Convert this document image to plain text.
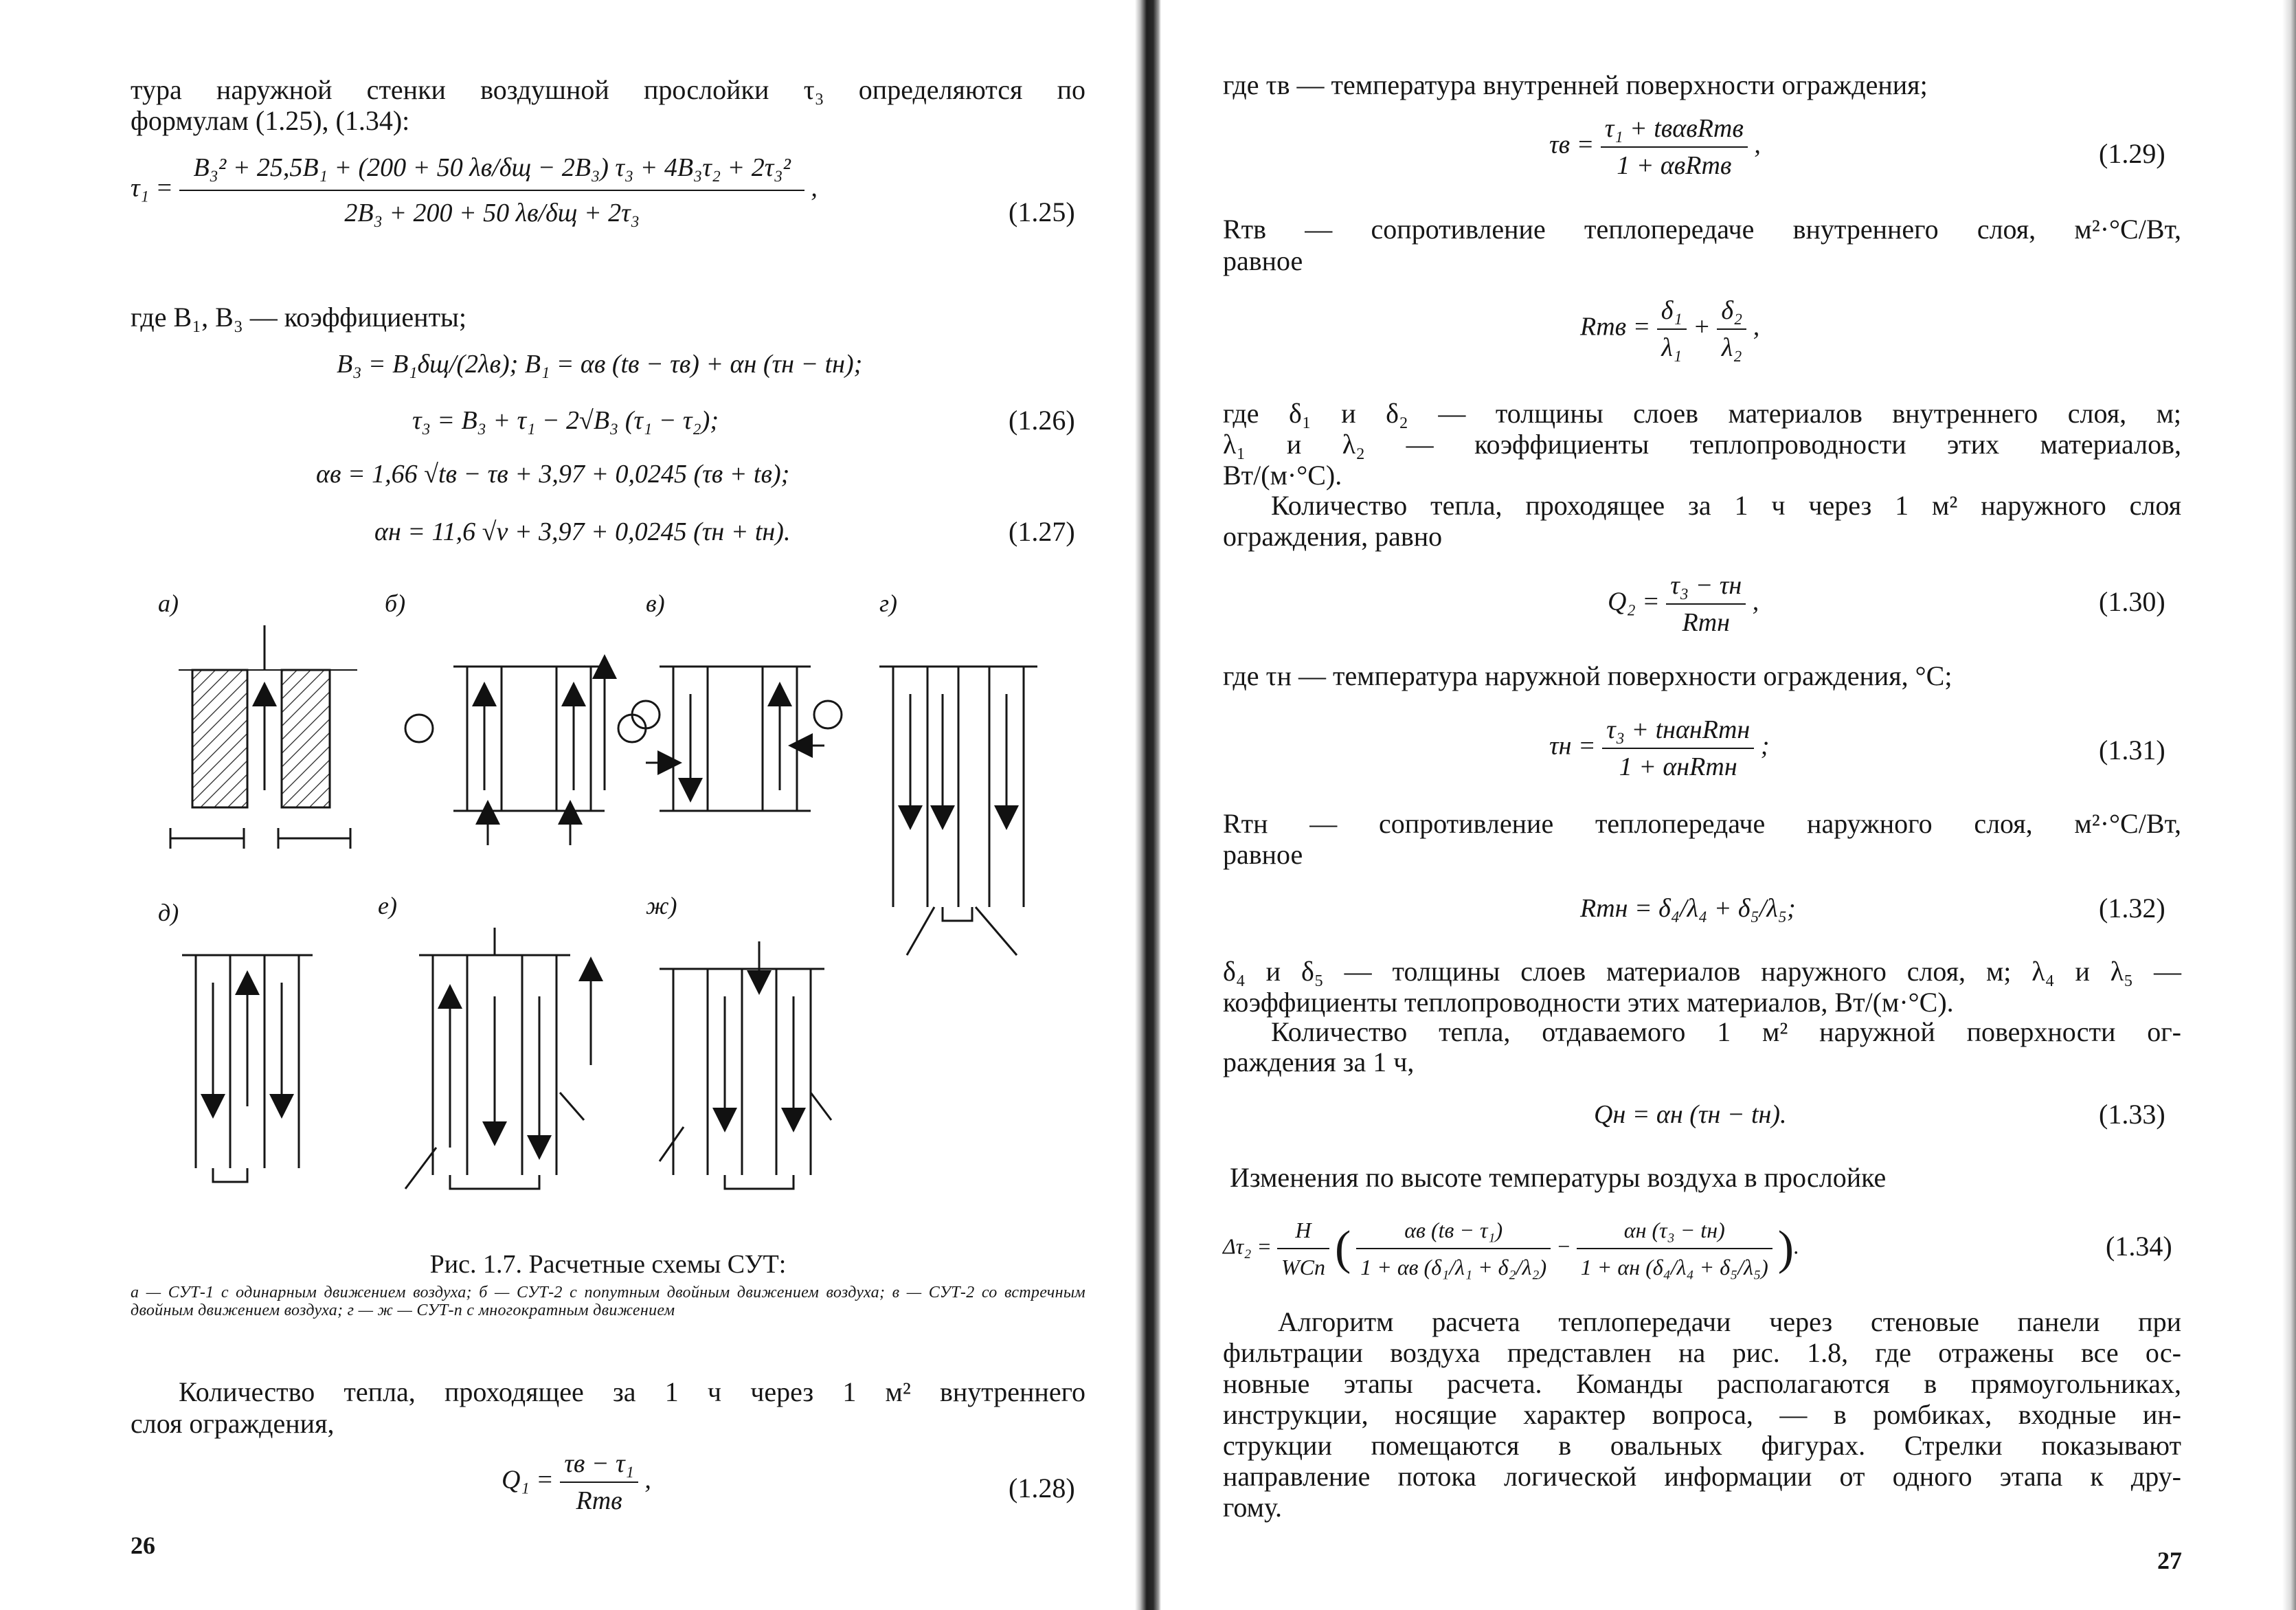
тура наружной стенки воздушной прослойки τ₃ определяются по
формулам (1.25), (1.34):
$\tau_1 = \frac{\text{B₃² + 25,5B₁ + (200 + 50 λв/δщ − 2B₃) τ₃ + 4B₃τ₂ + 2τ₃²}}{\text{2B₃ + 200 + 50 λв/δщ + 2τ₃}}$ ,
(1.25)
где B₁, B₃ — коэффициенты;
B₃ = B₁δщ/(2λв); B₁ = αв (tв − τв) + αн (τн − tн);
τ₃ = B₃ + τ₁ − 2√B₃ (τ₁ − τ₂);	(1.26)
αв = 1,66 √tв − τв + 3,97 + 0,0245 (τв + tв);
αн = 11,6 √v + 3,97 + 0,0245 (τн + tн).	(1.27)
а)	б)	в)	г)
д)	е)	ж)
Рис. 1.7. Расчетные схемы СУТ:
а — СУТ-1 с одинарным движением воздуха; б — СУТ-2 с попутным двойным движением воздуха; в — СУТ-2 со встречным двойным движением воздуха; г — ж — СУТ-n с многократным движением
Количество тепла, проходящее за 1 ч через 1 м² внутреннего
слоя ограждения,
$Q_1 = \frac{\text{τв − τ₁}}{\text{Rтв}}$ ,	(1.28)
26
где τв — температура внутренней поверхности ограждения;
$\tau в = \frac{\text{τ₁ + tвαвRтв}}{\text{1 + αвRтв}}$ ,	(1.29)
Rтв — сопротивление теплопередаче внутреннего слоя, м²·°С/Вт,
равное
Rтв = $\frac{\text{δ₁}}{\text{λ₁}} + \frac{\text{δ₂}}{\text{λ₂}}$ ,
где δ₁ и δ₂ — толщины слоев материалов внутреннего слоя, м;
λ₁ и λ₂ — коэффициенты теплопроводности этих материалов,
Вт/(м·°С).
Количество тепла, проходящее за 1 ч через 1 м² наружного слоя
ограждения, равно
$Q_2 = \frac{\text{τ₃ − τн}}{\text{Rтн}}$ ,	(1.30)
где τн — температура наружной поверхности ограждения, °С;
$\tau н = \frac{\text{τ₃ + tнαнRтн}}{\text{1 + αнRтн}}$ ;	(1.31)
Rтн — сопротивление теплопередаче наружного слоя, м²·°С/Вт,
равное
Rтн = δ₄/λ₄ + δ₅/λ₅;	(1.32)
δ₄ и δ₅ — толщины слоев материалов наружного слоя, м; λ₄ и λ₅ —
коэффициенты теплопроводности этих материалов, Вт/(м·°С).
Количество тепла, отдаваемого 1 м² наружной поверхности ог-
раждения за 1 ч,
Qн = αн (τн − tн).	(1.33)
Изменения по высоте температуры воздуха в прослойке
$\Delta\tau_2 = \frac{H}{\text{WCn}}$ ( $\frac{\text{αв (tв − τ₁)}}{\text{1 + αв (δ₁/λ₁ + δ₂/λ₂)}} - \frac{\text{αн (τ₃ − tн)}}{\text{1 + αн (δ₄/λ₄ + δ₅/λ₅)}}$ ).	(1.34)
Алгоритм расчета теплопередачи через стеновые панели при
фильтрации воздуха представлен на рис. 1.8, где отражены все ос-
новные этапы расчета. Команды располагаются в прямоугольниках,
инструкции, носящие характер вопроса, — в ромбиках, входные ин-
струкции помещаются в овальных фигурах. Стрелки показывают
направление потока логической информации от одного этапа к дру-
гому.
27
